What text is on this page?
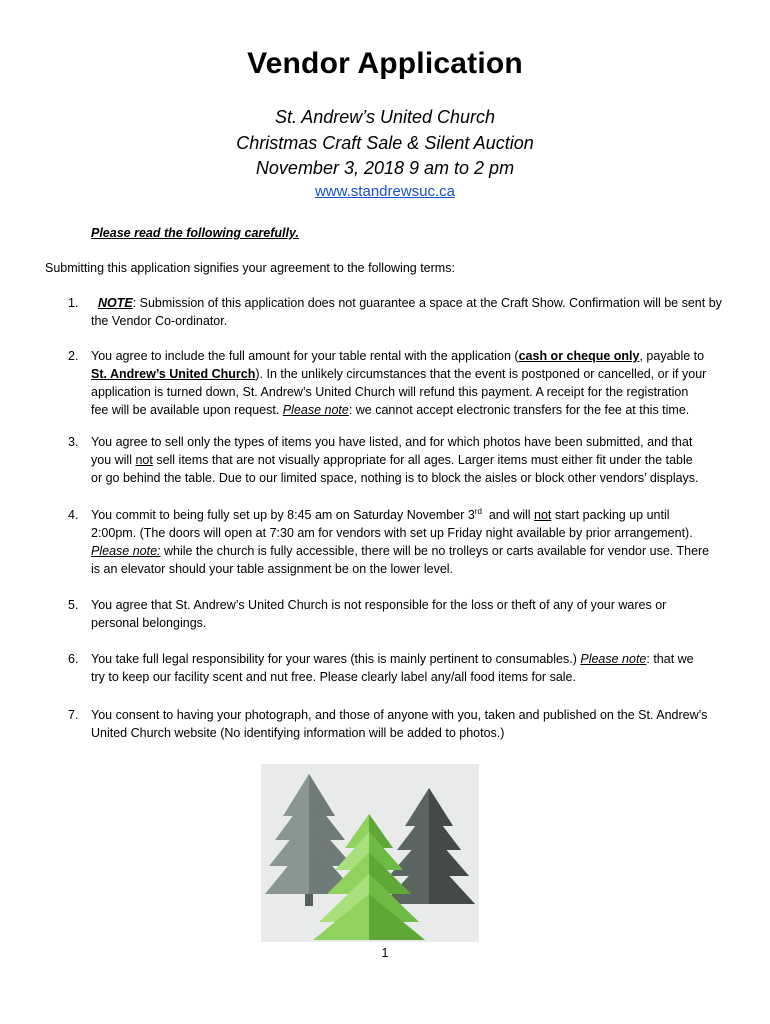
Vendor Application
St. Andrew’s United Church
Christmas Craft Sale & Silent Auction
November 3, 2018 9 am to 2 pm
www.standrewsuc.ca
Please read the following carefully.
Submitting this application signifies your agreement to the following terms:
1.	NOTE: Submission of this application does not guarantee a space at the Craft Show. Confirmation will be sent by
the Vendor Co-ordinator.
2. You agree to include the full amount for your table rental with the application (cash or cheque only, payable to
St. Andrew’s United Church). In the unlikely circumstances that the event is postponed or cancelled, or if your
application is turned down, St. Andrew’s United Church will refund this payment. A receipt for the registration
fee will be available upon request. Please note: we cannot accept electronic transfers for the fee at this time.
3. You agree to sell only the types of items you have listed, and for which photos have been submitted, and that
you will not sell items that are not visually appropriate for all ages. Larger items must either fit under the table
or go behind the table. Due to our limited space, nothing is to block the aisles or block other vendors’ displays.
4. You commit to being fully set up by 8:45 am on Saturday November 3rd  and will not start packing up until
2:00pm. (The doors will open at 7:30 am for vendors with set up Friday night available by prior arrangement).
Please note: while the church is fully accessible, there will be no trolleys or carts available for vendor use. There
is an elevator should your table assignment be on the lower level.
5. You agree that St. Andrew’s United Church is not responsible for the loss or theft of any of your wares or
personal belongings.
6. You take full legal responsibility for your wares (this is mainly pertinent to consumables.) Please note: that we
try to keep our facility scent and nut free. Please clearly label any/all food items for sale.
7. You consent to having your photograph, and those of anyone with you, taken and published on the St. Andrew’s
United Church website (No identifying information will be added to photos.)
1
